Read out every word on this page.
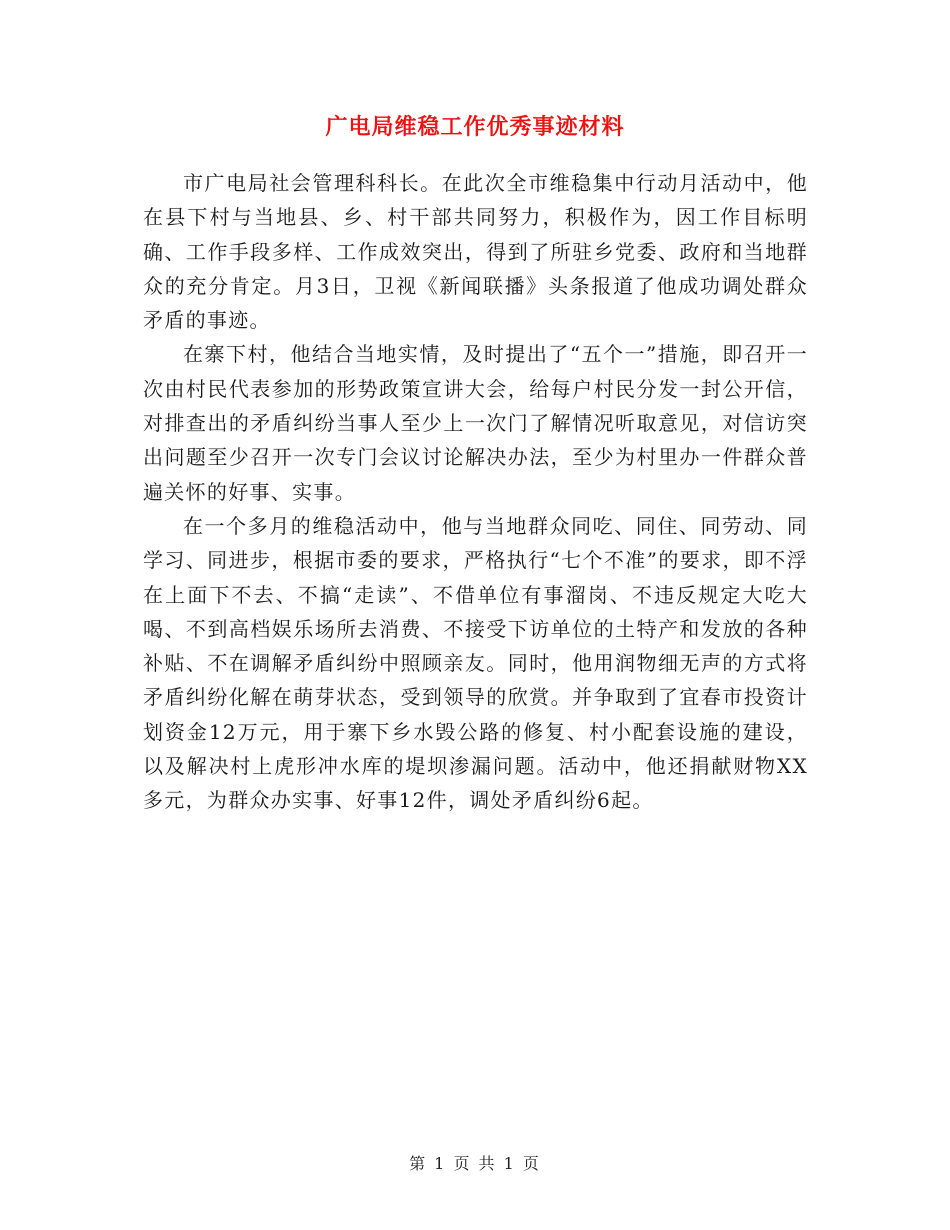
广电局维稳工作优秀事迹材料

市广电局社会管理科科长。在此次全市维稳集中行动月活动中，他在县下村与当地县、乡、村干部共同努力，积极作为，因工作目标明确、工作手段多样、工作成效突出，得到了所驻乡党委、政府和当地群众的充分肯定。月3日，卫视《新闻联播》头条报道了他成功调处群众矛盾的事迹。

在寨下村，他结合当地实情，及时提出了“五个一”措施，即召开一次由村民代表参加的形势政策宣讲大会，给每户村民分发一封公开信，对排查出的矛盾纠纷当事人至少上一次门了解情况听取意见，对信访突出问题至少召开一次专门会议讨论解决办法，至少为村里办一件群众普遍关怀的好事、实事。

在一个多月的维稳活动中，他与当地群众同吃、同住、同劳动、同学习、同进步，根据市委的要求，严格执行“七个不准”的要求，即不浮在上面下不去、不搞“走读”、不借单位有事溜岗、不违反规定大吃大喝、不到高档娱乐场所去消费、不接受下访单位的土特产和发放的各种补贴、不在调解矛盾纠纷中照顾亲友。同时，他用润物细无声的方式将矛盾纠纷化解在萌芽状态，受到领导的欣赏。并争取到了宜春市投资计划资金12万元，用于寨下乡水毁公路的修复、村小配套设施的建设，以及解决村上虎形冲水库的堤坝渗漏问题。活动中，他还捐献财物XX多元，为群众办实事、好事12件，调处矛盾纠纷6起。

第 1 页 共 1 页
